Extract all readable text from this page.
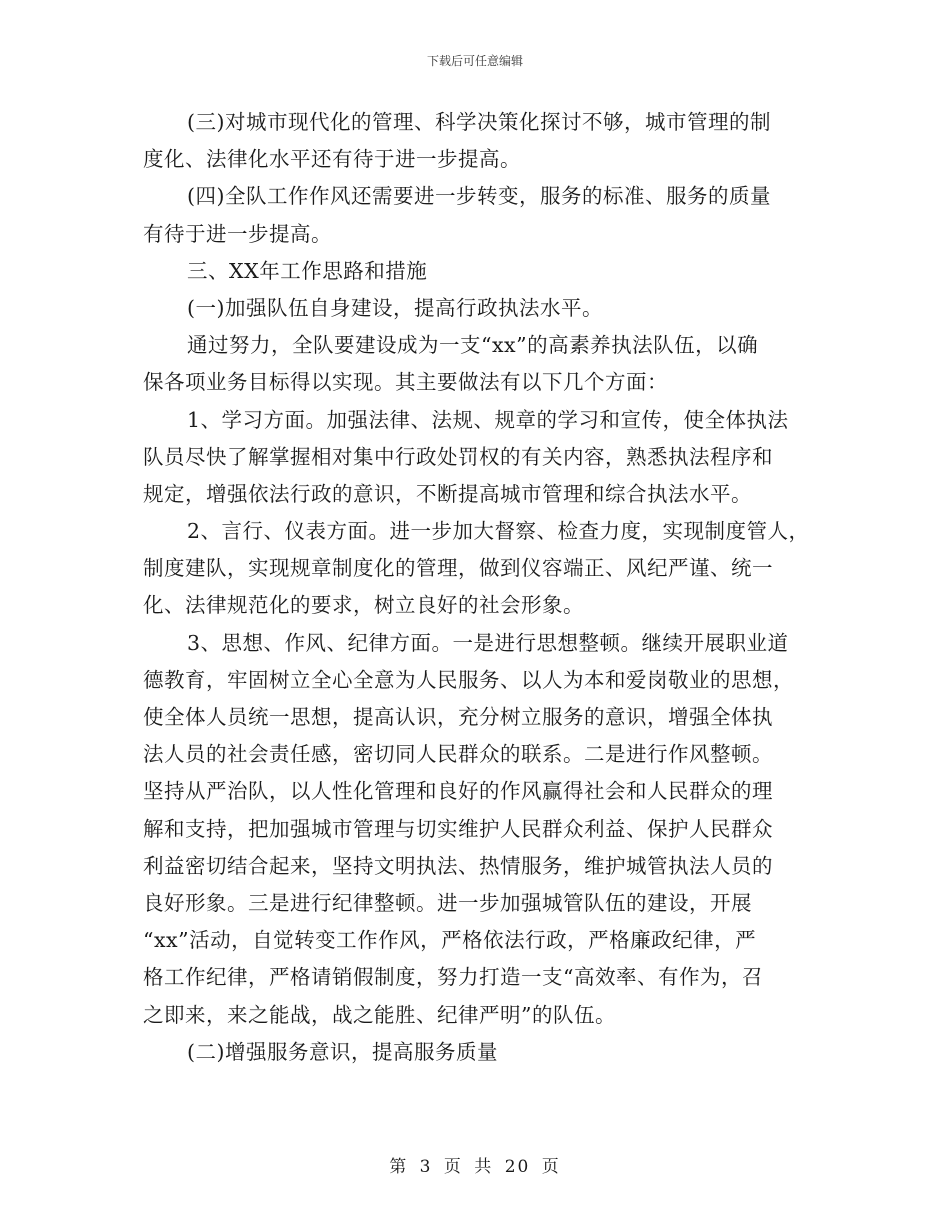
下载后可任意编辑
(三)对城市现代化的管理、科学决策化探讨不够，城市管理的制
度化、法律化水平还有待于进一步提高。
(四)全队工作作风还需要进一步转变，服务的标准、服务的质量
有待于进一步提高。
三、XX年工作思路和措施
(一)加强队伍自身建设，提高行政执法水平。
通过努力，全队要建设成为一支“xx”的高素养执法队伍，以确
保各项业务目标得以实现。其主要做法有以下几个方面：
1、学习方面。加强法律、法规、规章的学习和宣传，使全体执法
队员尽快了解掌握相对集中行政处罚权的有关内容，熟悉执法程序和
规定，增强依法行政的意识，不断提高城市管理和综合执法水平。
2、言行、仪表方面。进一步加大督察、检查力度，实现制度管人，
制度建队，实现规章制度化的管理，做到仪容端正、风纪严谨、统一
化、法律规范化的要求，树立良好的社会形象。
3、思想、作风、纪律方面。一是进行思想整顿。继续开展职业道
德教育，牢固树立全心全意为人民服务、以人为本和爱岗敬业的思想，
使全体人员统一思想，提高认识，充分树立服务的意识，增强全体执
法人员的社会责任感，密切同人民群众的联系。二是进行作风整顿。
坚持从严治队，以人性化管理和良好的作风赢得社会和人民群众的理
解和支持，把加强城市管理与切实维护人民群众利益、保护人民群众
利益密切结合起来，坚持文明执法、热情服务，维护城管执法人员的
良好形象。三是进行纪律整顿。进一步加强城管队伍的建设，开展
“xx”活动，自觉转变工作作风，严格依法行政，严格廉政纪律，严
格工作纪律，严格请销假制度，努力打造一支“高效率、有作为，召
之即来，来之能战，战之能胜、纪律严明”的队伍。
(二)增强服务意识，提高服务质量
第 3 页 共 20 页
